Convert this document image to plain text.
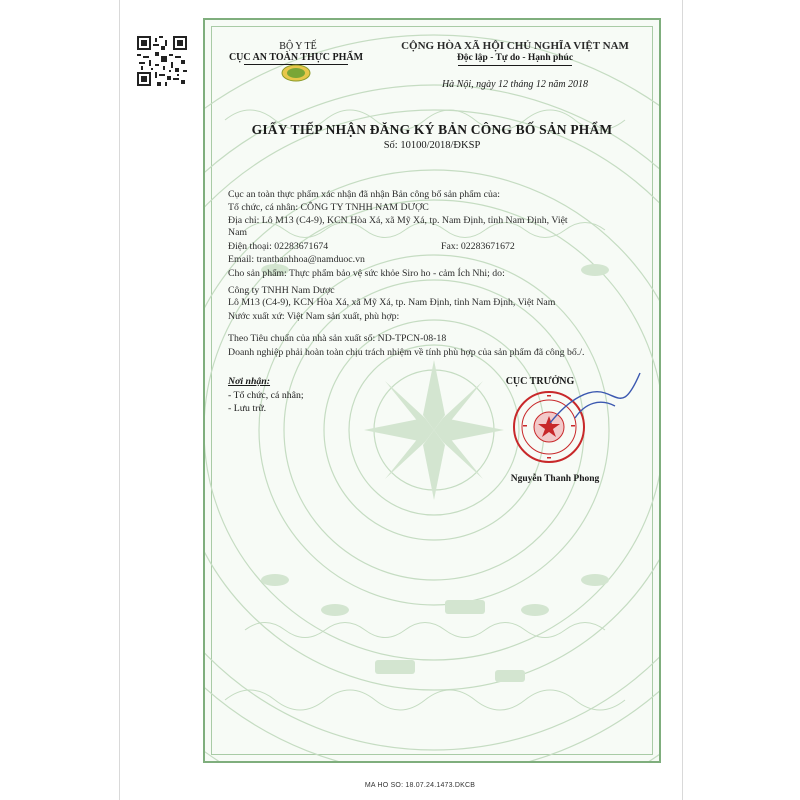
BỘ Y TẾ
CỤC AN TOÀN THỰC PHẨM
CỘNG HÒA XÃ HỘI CHỦ NGHĨA VIỆT NAM
Độc lập - Tự do - Hạnh phúc
Hà Nội, ngày 12 tháng 12 năm 2018
GIẤY TIẾP NHẬN ĐĂNG KÝ BẢN CÔNG BỐ SẢN PHẨM
Số: 10100/2018/ĐKSP
Cục an toàn thực phẩm xác nhận đã nhận Bản công bố sản phẩm của:
Tổ chức, cá nhân: CÔNG TY TNHH NAM DƯỢC
Địa chỉ: Lô M13 (C4-9), KCN Hòa Xá, xã Mỹ Xá, tp. Nam Định, tỉnh Nam Định, Việt
Nam
Điện thoại: 02283671674	Fax: 02283671672
Email: tranthanhhoa@namduoc.vn
Cho sản phẩm: Thực phẩm bảo vệ sức khỏe Siro ho - cảm Ích Nhi; do:
Công ty TNHH Nam Dược
Lô M13 (C4-9), KCN Hòa Xá, xã Mỹ Xá, tp. Nam Định, tỉnh Nam Định, Việt Nam
Nước xuất xứ: Việt Nam sản xuất, phù hợp:
Theo Tiêu chuẩn của nhà sản xuất số: ND-TPCN-08-18
Doanh nghiệp phải hoàn toàn chịu trách nhiệm về tính phù hợp của sản phẩm đã công bố./.
Nơi nhận:
- Tổ chức, cá nhân;
- Lưu trữ.
CỤC TRƯỞNG
Nguyễn Thanh Phong
MA HO SO: 18.07.24.1473.DKCB
